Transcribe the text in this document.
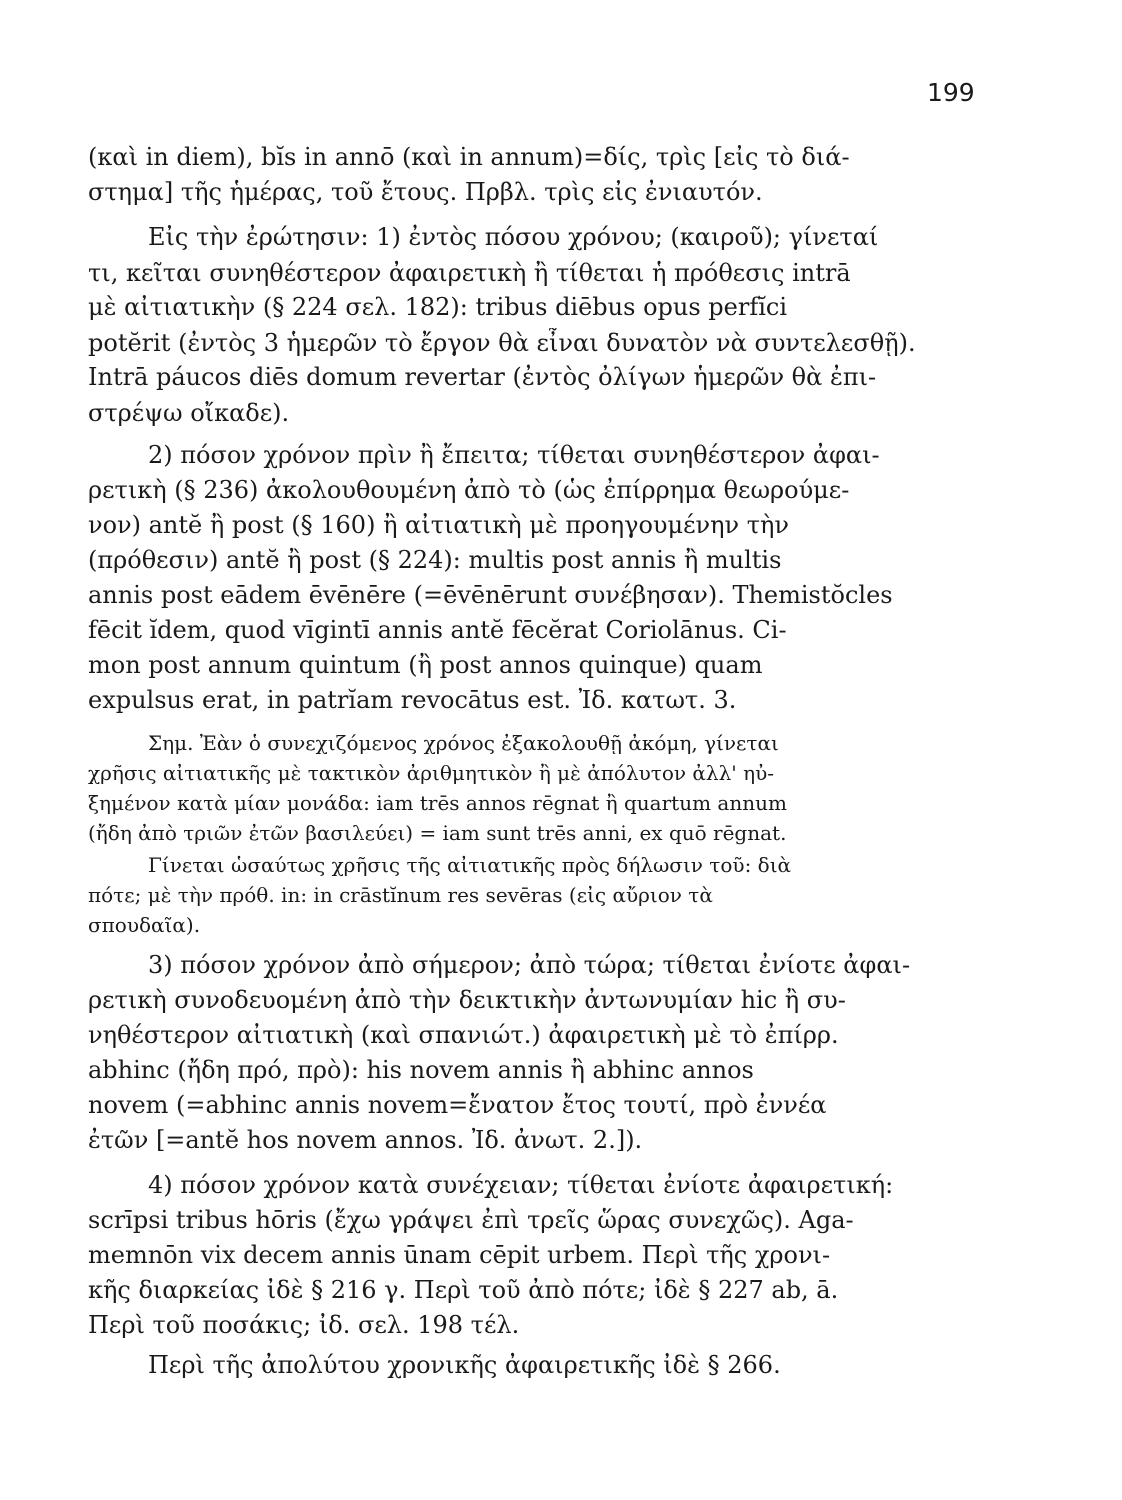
199
(καὶ in diem), bĭs in annō (καὶ in annum)=δίς, τρὶς [εἰς τὸ διά-
στημα] τῆς ἡμέρας, τοῦ ἔτους. Πρβλ. τρὶς εἰς ἐνιαυτόν.
Εἰς τὴν ἐρώτησιν: 1) ἐντὸς πόσου χρόνου; (καιροῦ); γίνεταί
τι, κεῖται συνηθέστερον ἀφαιρετικὴ ἢ τίθεται ἡ πρόθεσις intrā
μὲ αἰτιατικὴν (§ 224 σελ. 182): tribus diēbus opus perfĭci
potĕrit (ἐντὸς 3 ἡμερῶν τὸ ἔργον θὰ εἶναι δυνατὸν νὰ συντελεσθῇ).
Intrā páucos diēs domum revertar (ἐντὸς ὀλίγων ἡμερῶν θὰ ἐπι-
στρέψω οἴκαδε).
2) πόσον χρόνον πρὶν ἢ ἔπειτα; τίθεται συνηθέστερον ἀφαι-
ρετικὴ (§ 236) ἀκολουθουμένη ἀπὸ τὸ (ὡς ἐπίρρημα θεωρούμε-
νον) antĕ ἢ post (§ 160) ἢ αἰτιατικὴ μὲ προηγουμένην τὴν
(πρόθεσιν) antĕ ἢ post (§ 224): multis post annis ἢ multis
annis post eādem ēvēnēre (=ēvēnērunt συνέβησαν). Themistŏcles
fēcit ĭdem, quod vīgintī annis antĕ fēcĕrat Coriolānus. Ci-
mon post annum quintum (ἢ post annos quinque) quam
expulsus erat, in patrĭam revocātus est. Ἰδ. κατωτ. 3.
Σημ. Ἐὰν ὁ συνεχιζόμενος χρόνος ἐξακολουθῇ ἀκόμη, γίνεται
χρῆσις αἰτιατικῆς μὲ τακτικὸν ἀριθμητικὸν ἢ μὲ ἀπόλυτον ἀλλ' ηὐ-
ξημένον κατὰ μίαν μονάδα: iam trēs annos rēgnat ἢ quartum annum
(ἤδη ἀπὸ τριῶν ἐτῶν βασιλεύει) = iam sunt trēs anni, ex quō rēgnat.
Γίνεται ὡσαύτως χρῆσις τῆς αἰτιατικῆς πρὸς δήλωσιν τοῦ: διὰ
πότε; μὲ τὴν πρόθ. in: in crāstĭnum res sevēras (εἰς αὔριον τὰ
σπουδαῖα).
3) πόσον χρόνον ἀπὸ σήμερον; ἀπὸ τώρα; τίθεται ἐνίοτε ἀφαι-
ρετικὴ συνοδευομένη ἀπὸ τὴν δεικτικὴν ἀντωνυμίαν hic ἢ συ-
νηθέστερον αἰτιατικὴ (καὶ σπανιώτ.) ἀφαιρετικὴ μὲ τὸ ἐπίρρ.
abhinc (ἤδη πρό, πρὸ): his novem annis ἢ abhinc annos
novem (=abhinc annis novem=ἔνατον ἔτος τουτί, πρὸ ἐννέα
ἐτῶν [=antĕ hos novem annos. Ἰδ. ἀνωτ. 2.]).
4) πόσον χρόνον κατὰ συνέχειαν; τίθεται ἐνίοτε ἀφαιρετική:
scrīpsi tribus hōris (ἔχω γράψει ἐπὶ τρεῖς ὥρας συνεχῶς). Aga-
memnōn vix decem annis ūnam cēpit urbem. Περὶ τῆς χρονι-
κῆς διαρκείας ἰδὲ § 216 γ. Περὶ τοῦ ἀπὸ πότε; ἰδὲ § 227 ab, ā.
Περὶ τοῦ ποσάκις; ἰδ. σελ. 198 τέλ.
Περὶ τῆς ἀπολύτου χρονικῆς ἀφαιρετικῆς ἰδὲ § 266.
